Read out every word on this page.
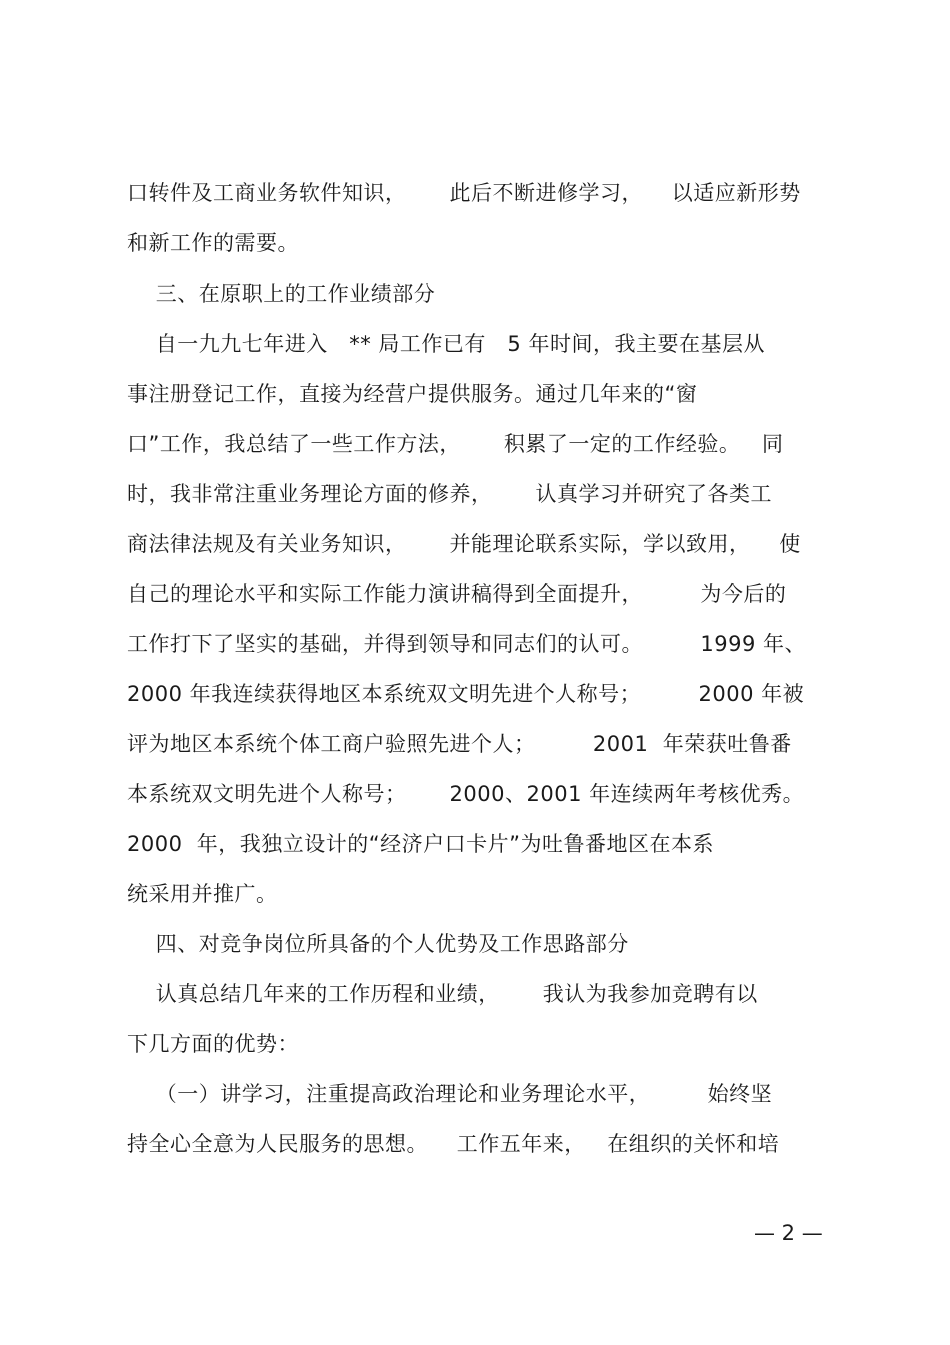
口转件及工商业务软件知识，      此后不断进修学习，    以适应新形势
和新工作的需要。
三、在原职上的工作业绩部分
自一九九七年进入   ** 局工作已有   5 年时间，我主要在基层从
事注册登记工作，直接为经营户提供服务。通过几年来的“窗
口”工作，我总结了一些工作方法，      积累了一定的工作经验。   同
时，我非常注重业务理论方面的修养，      认真学习并研究了各类工
商法律法规及有关业务知识，      并能理论联系实际，学以致用，    使
自己的理论水平和实际工作能力演讲稿得到全面提升，        为今后的
工作打下了坚实的基础，并得到领导和同志们的认可。        1999 年、
2000 年我连续获得地区本系统双文明先进个人称号；        2000 年被
评为地区本系统个体工商户验照先进个人；        2001  年荣获吐鲁番
本系统双文明先进个人称号；      2000、2001 年连续两年考核优秀。
2000  年，我独立设计的“经济户口卡片”为吐鲁番地区在本系
统采用并推广。
四、对竞争岗位所具备的个人优势及工作思路部分
认真总结几年来的工作历程和业绩，      我认为我参加竞聘有以
下几方面的优势：
（一）讲学习，注重提高政治理论和业务理论水平，        始终坚
持全心全意为人民服务的思想。    工作五年来，   在组织的关怀和培
— 2 —
